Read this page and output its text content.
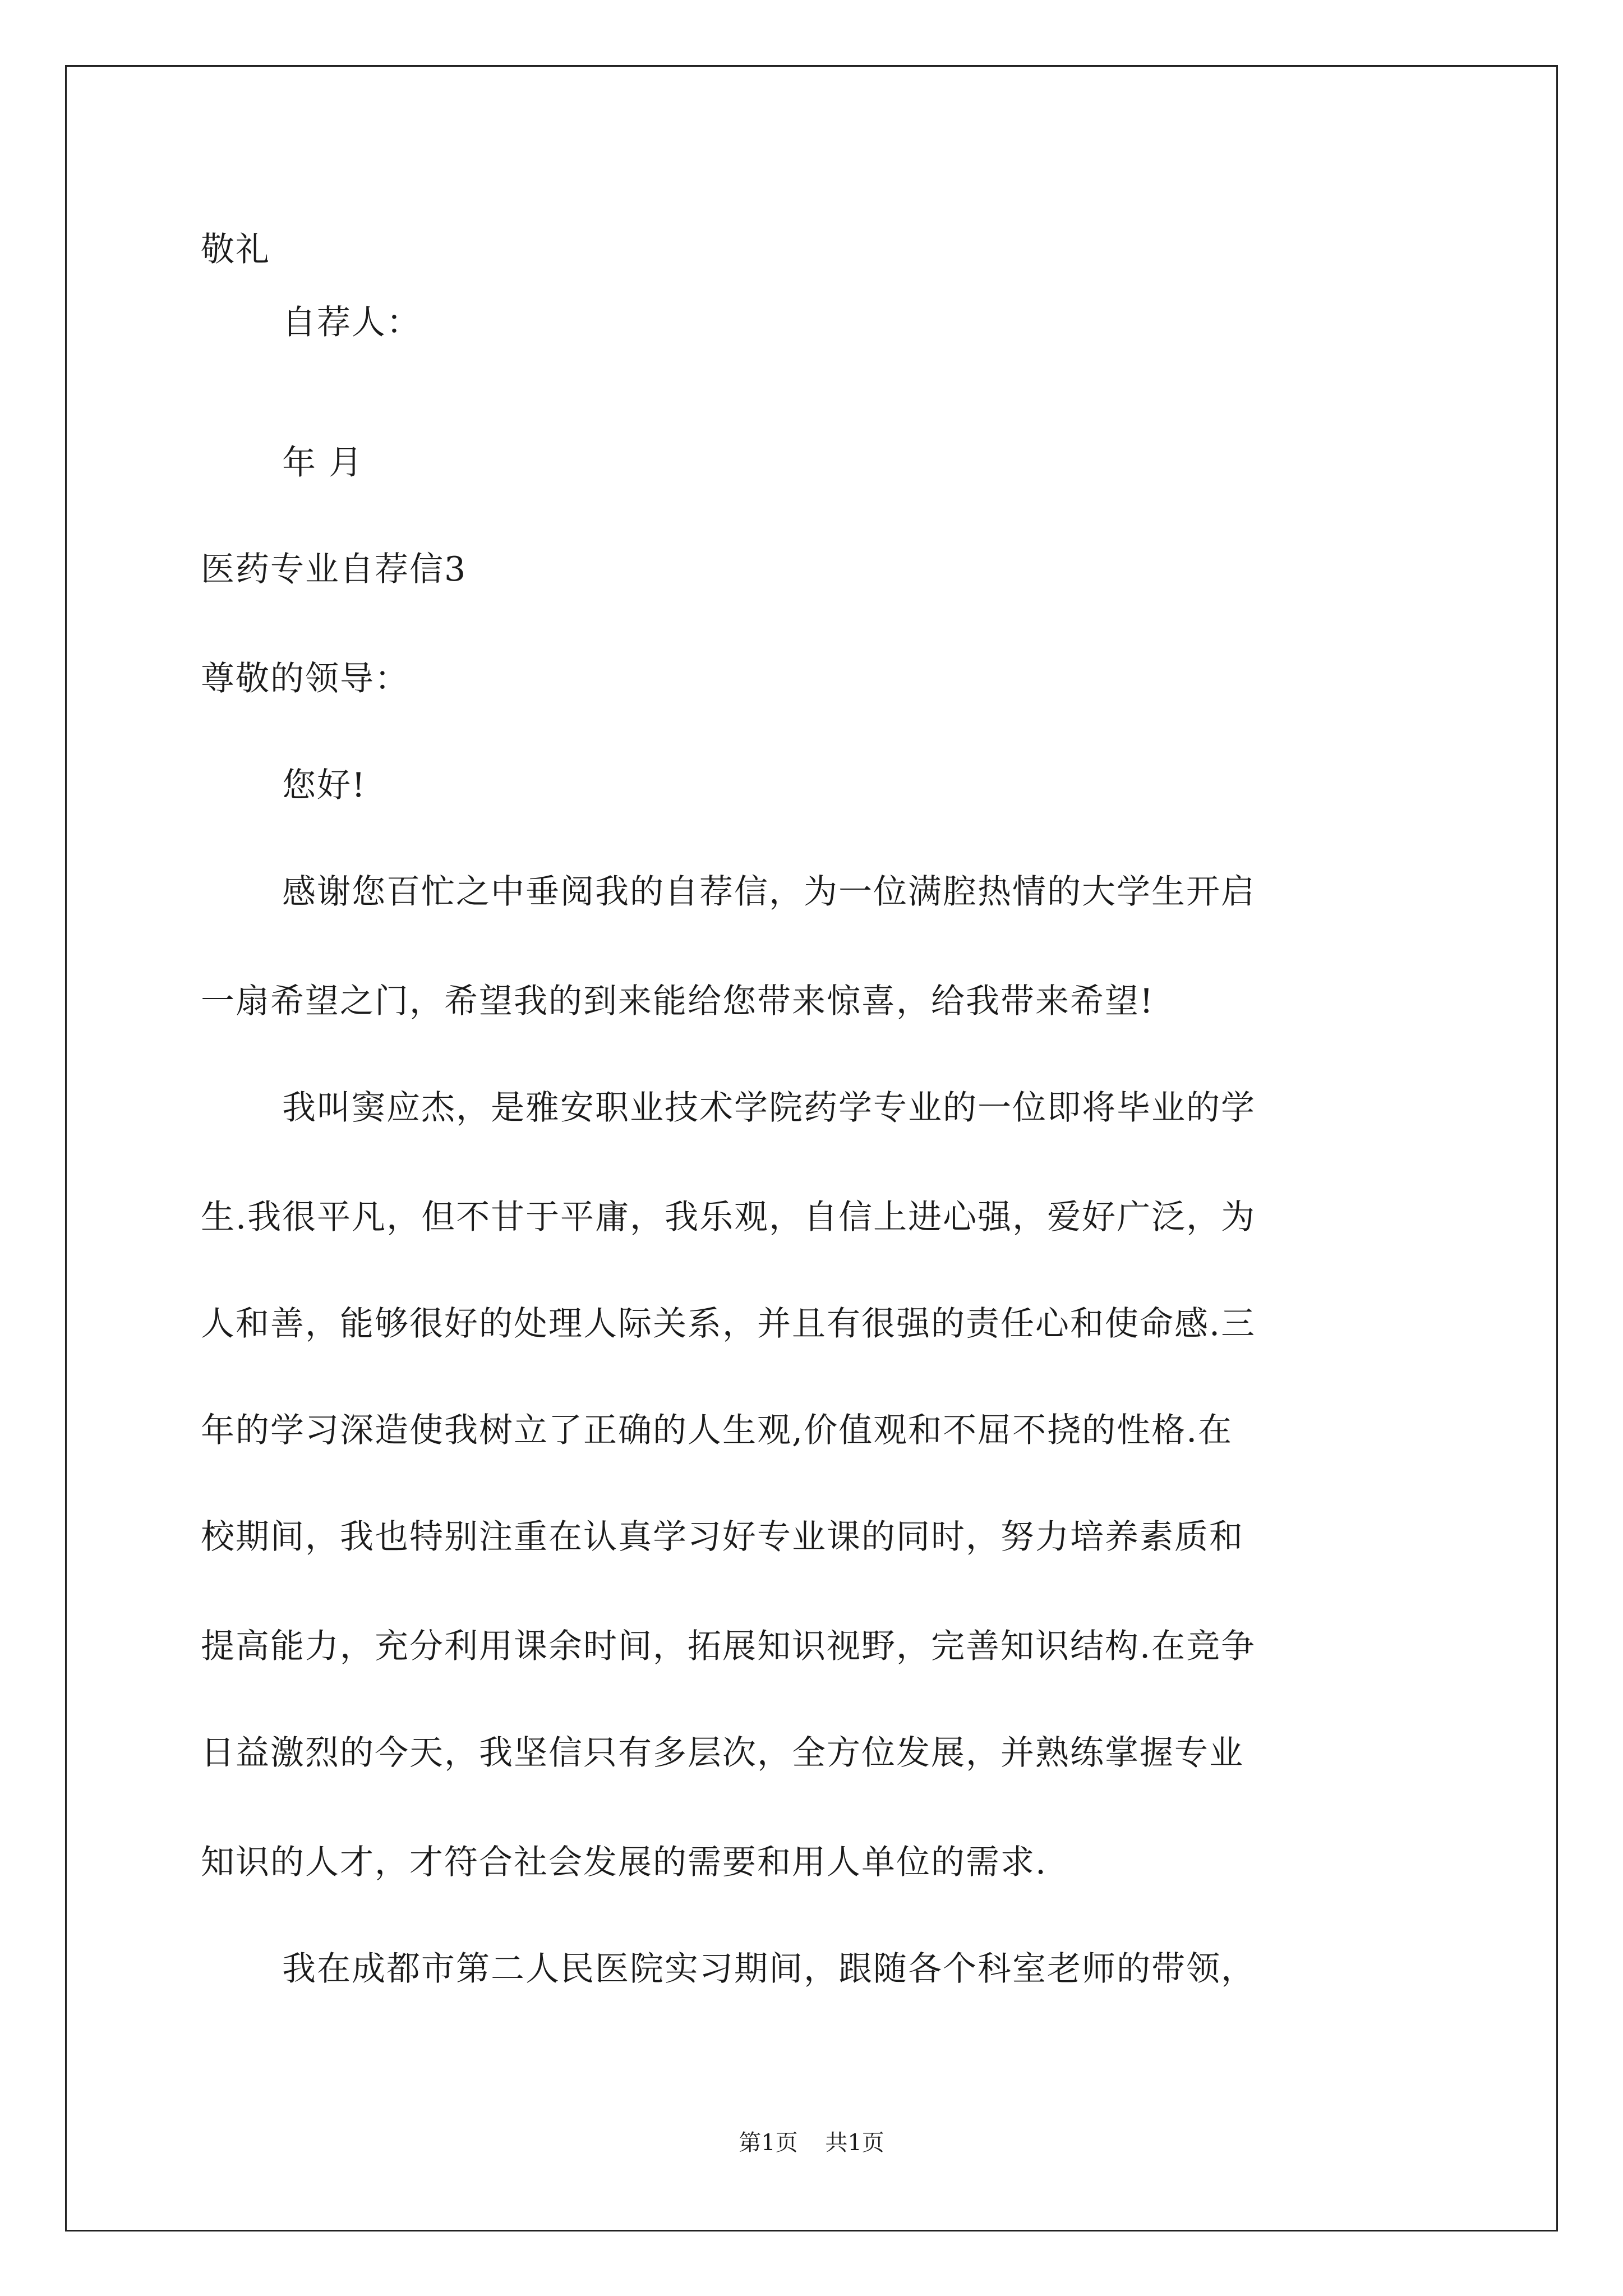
敬礼
自荐人：
年 月
医药专业自荐信3
尊敬的领导：
您好!
感谢您百忙之中垂阅我的自荐信，为一位满腔热情的大学生开启
一扇希望之门，希望我的到来能给您带来惊喜，给我带来希望!
我叫窦应杰，是雅安职业技术学院药学专业的一位即将毕业的学
生.我很平凡，但不甘于平庸，我乐观，自信上进心强，爱好广泛，为
人和善，能够很好的处理人际关系，并且有很强的责任心和使命感.三
年的学习深造使我树立了正确的人生观,价值观和不屈不挠的性格.在
校期间，我也特别注重在认真学习好专业课的同时，努力培养素质和
提高能力，充分利用课余时间，拓展知识视野，完善知识结构.在竞争
日益激烈的今天，我坚信只有多层次，全方位发展，并熟练掌握专业
知识的人才，才符合社会发展的需要和用人单位的需求.
我在成都市第二人民医院实习期间，跟随各个科室老师的带领，
第1页 共1页
